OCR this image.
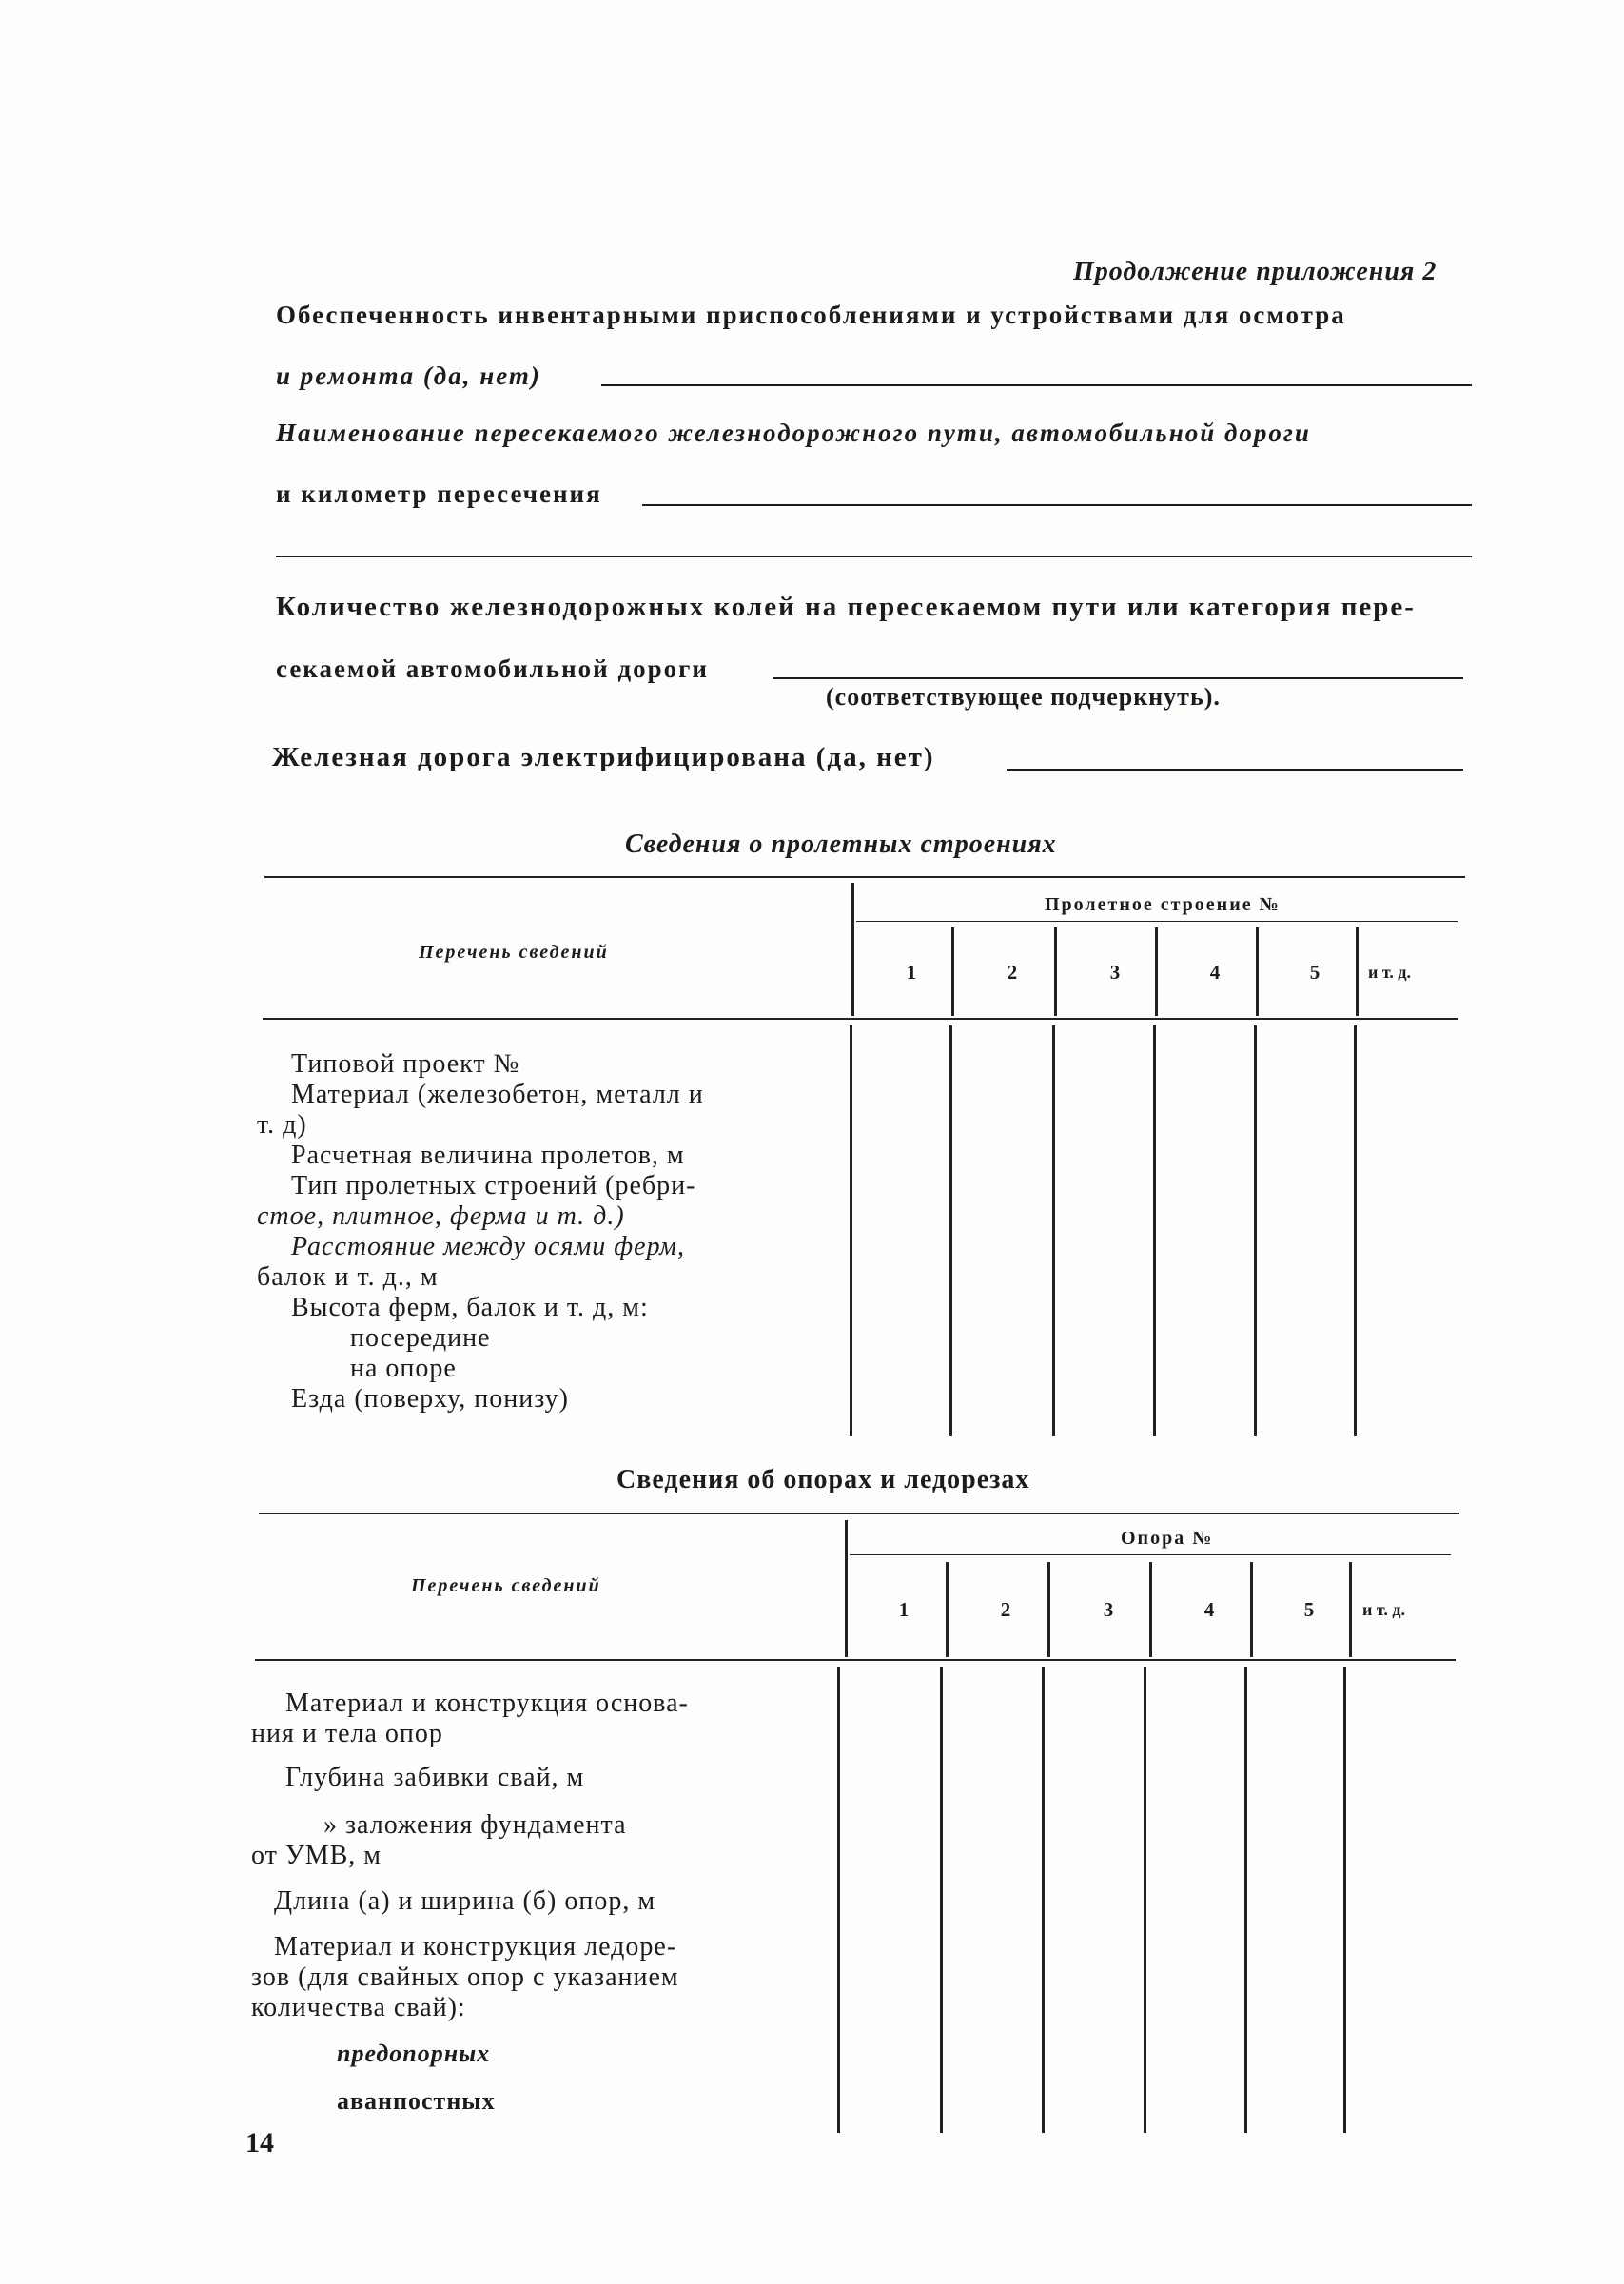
Продолжение приложения 2
Обеспеченность инвентарными приспособлениями и устройствами для осмотра
и ремонта (да, нет)
Наименование пересекаемого железнодорожного пути, автомобильной дороги
и километр пересечения
Количество железнодорожных колей на пересекаемом пути или категория пере-
секаемой автомобильной дороги
(соответствующее подчеркнуть).
Железная дорога электрифицирована (да, нет)
Сведения о пролетных строениях
Перечень сведений
Пролетное строение №
1	2	3	4	5	и т. д.
Типовой проект №
Материал (железобетон, металл и
т. д)
Расчетная величина пролетов, м
Тип пролетных строений (ребри-
стое, плитное, ферма и т. д.)
Расстояние между осями ферм,
балок и т. д., м
Высота ферм, балок и т. д, м:
посередине
на опоре
Езда (поверху, понизу)
Сведения об опорах и ледорезах
Перечень сведений
Опора №
1	2	3	4	5	и т. д.
Материал и конструкция основа-
ния и тела опор
Глубина забивки свай, м
» заложения фундамента
от УМВ, м
Длина (а) и ширина (б) опор, м
Материал и конструкция ледоре-
зов (для свайных опор с указанием
количества свай):
предопорных
аванпостных
14
